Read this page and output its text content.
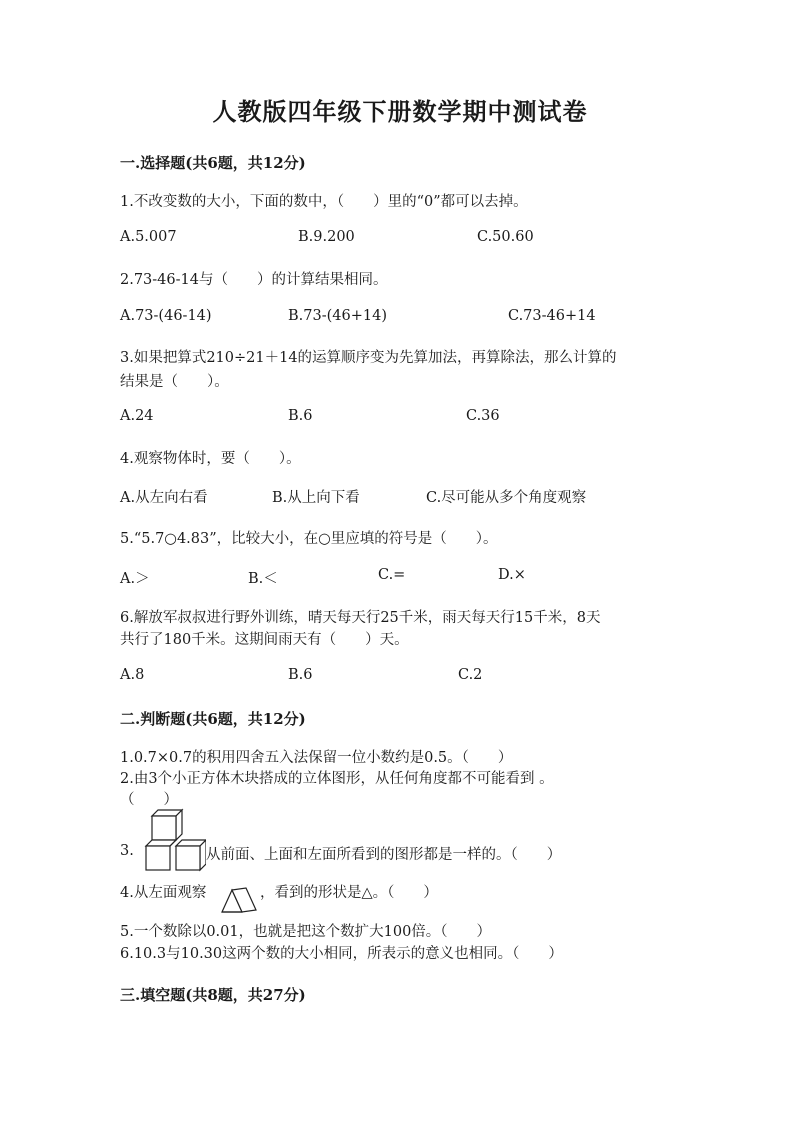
人教版四年级下册数学期中测试卷
一.选择题(共6题，共12分)
1.不改变数的大小，下面的数中，（　　）里的“0”都可以去掉。
A.5.007	B.9.200	C.50.60
2.73-46-14与（　　）的计算结果相同。
A.73-(46-14)	B.73-(46+14)	C.73-46+14
3.如果把算式210÷21＋14的运算顺序变为先算加法，再算除法，那么计算的
结果是（　　）。
A.24	B.6	C.36
4.观察物体时，要（　　）。
A.从左向右看	B.从上向下看	C.尽可能从多个角度观察
5.“5.7○4.83”，比较大小，在○里应填的符号是（　　）。
A.＞	B.＜	C.=	D.×
6.解放军叔叔进行野外训练，晴天每天行25千米，雨天每天行15千米，8天
共行了180千米。这期间雨天有（　　）天。
A.8	B.6	C.2
二.判断题(共6题，共12分)
1.0.7×0.7的积用四舍五入法保留一位小数约是0.5。（　　）
2.由3个小正方体木块搭成的立体图形，从任何角度都不可能看到 。
（　　）
3.	从前面、上面和左面所看到的图形都是一样的。（　　）
4.从左面观察	，看到的形状是△。（　　）
5.一个数除以0.01，也就是把这个数扩大100倍。（　　）
6.10.3与10.30这两个数的大小相同，所表示的意义也相同。（　　）
三.填空题(共8题，共27分)
